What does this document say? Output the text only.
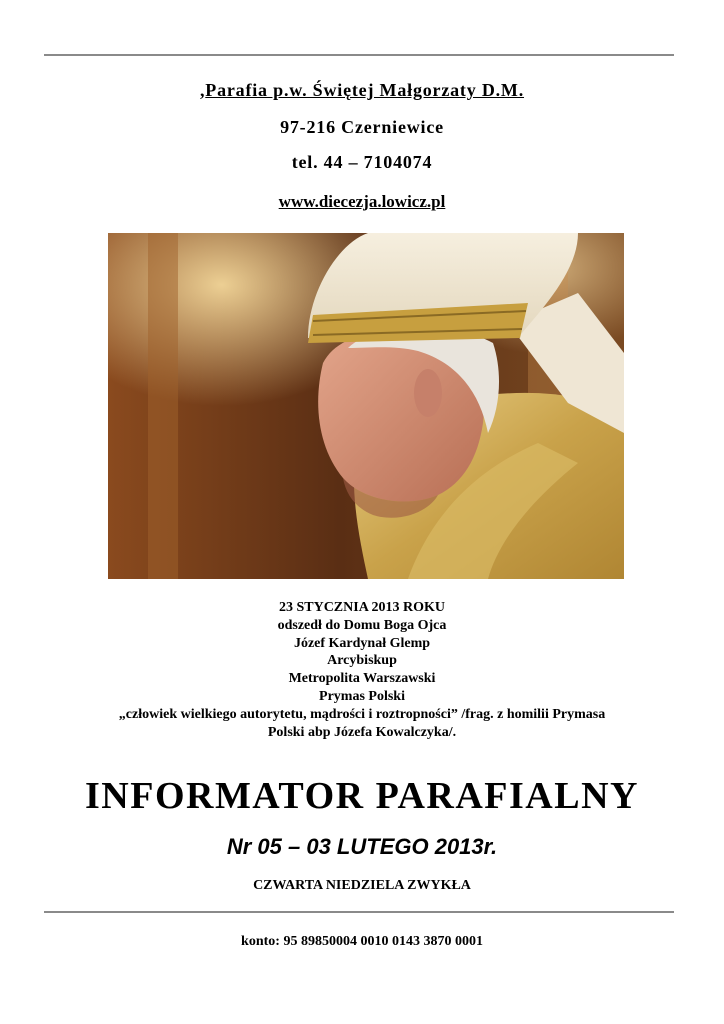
,Parafia p.w. Świętej Małgorzaty D.M.
97-216 Czerniewice
tel. 44 – 7104074
www.diecezja.lowicz.pl
23 STYCZNIA 2013 ROKU
odszedł do Domu Boga Ojca
Józef Kardynał Glemp
Arcybiskup
Metropolita Warszawski
Prymas Polski
„człowiek wielkiego autorytetu, mądrości i roztropności” /frag. z homilii Prymasa
Polski abp Józefa Kowalczyka/.
INFORMATOR PARAFIALNY
Nr 05 – 03 LUTEGO 2013r.
CZWARTA NIEDZIELA ZWYKŁA
konto: 95 89850004 0010 0143 3870 0001
